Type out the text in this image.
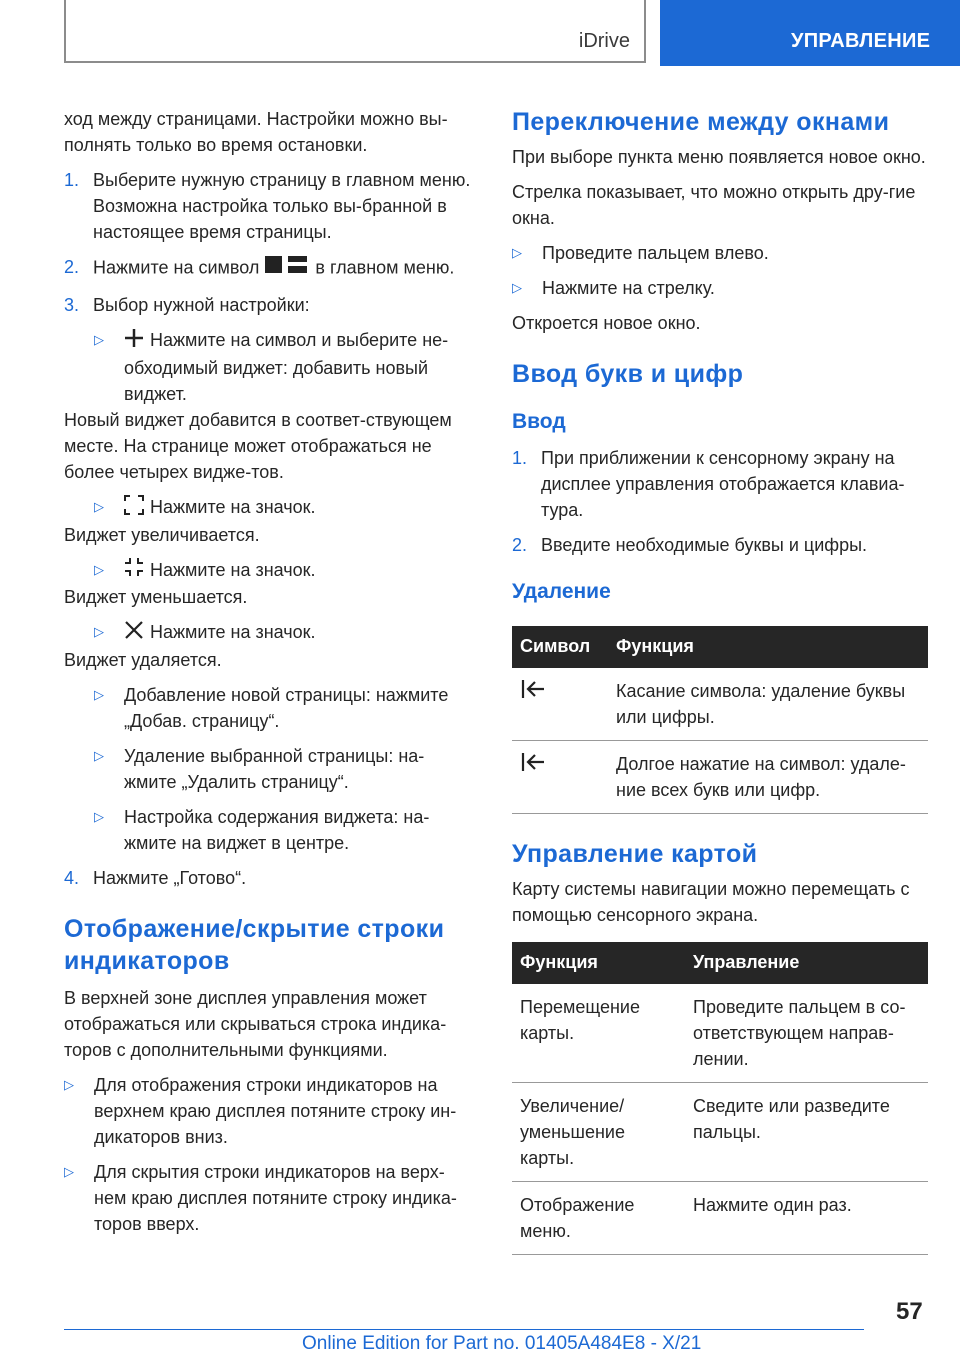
iDrive	УПРАВЛЕНИЕ

ход между страницами. Настройки можно вы-полнять только во время остановки.

1. Выберите нужную страницу в главном меню. Возможна настройка только вы-бранной в настоящее время страницы.
2. Нажмите на символ	в главном меню.
3. Выбор нужной настройки:
▷	Нажмите на символ и выберите не-обходимый виджет: добавить новый виджет.

Новый виджет добавится в соответ-ствующем месте. На странице может отображаться не более четырех видже-тов.

▷	Нажмите на значок.

Виджет увеличивается.

▷	Нажмите на значок.

Виджет уменьшается.

▷	Нажмите на значок.

Виджет удаляется.

▷ Добавление новой страницы: нажмите „Добав. страницу“.
▷ Удаление выбранной страницы: на-жмите „Удалить страницу“.
▷ Настройка содержания виджета: на-жмите на виджет в центре.
4. Нажмите „Готово“.
Отображение/скрытие строки индикаторов

В верхней зоне дисплея управления может отображаться или скрываться строка индика-торов с дополнительными функциями.

▷ Для отображения строки индикаторов на верхнем краю дисплея потяните строку ин-дикаторов вниз.
▷ Для скрытия строки индикаторов на верх-нем краю дисплея потяните строку индика-торов вверх.
Переключение между окнами

При выборе пункта меню появляется новое окно.

Стрелка показывает, что можно открыть дру-гие окна.

▷ Проведите пальцем влево.
▷ Нажмите на стрелку.

Откроется новое окно.

Ввод букв и цифр
Ввод
1. При приближении к сенсорному экрану на дисплее управления отображается клавиа-тура.
2. Введите необходимые буквы и цифры.
Удаление
Символ	Функция
	Касание символа: удаление буквы или цифры.
	Долгое нажатие на символ: удале-ние всех букв или цифр.
Управление картой

Карту системы навигации можно перемещать с помощью сенсорного экрана.

Функция	Управление
Перемещение карты.	Проведите пальцем в со-ответствующем направ-лении.
Увеличение/ уменьшение карты.	Сведите или разведите пальцы.
Отображение меню.	Нажмите один раз.
57
Online Edition for Part no. 01405A484E8 - X/21
